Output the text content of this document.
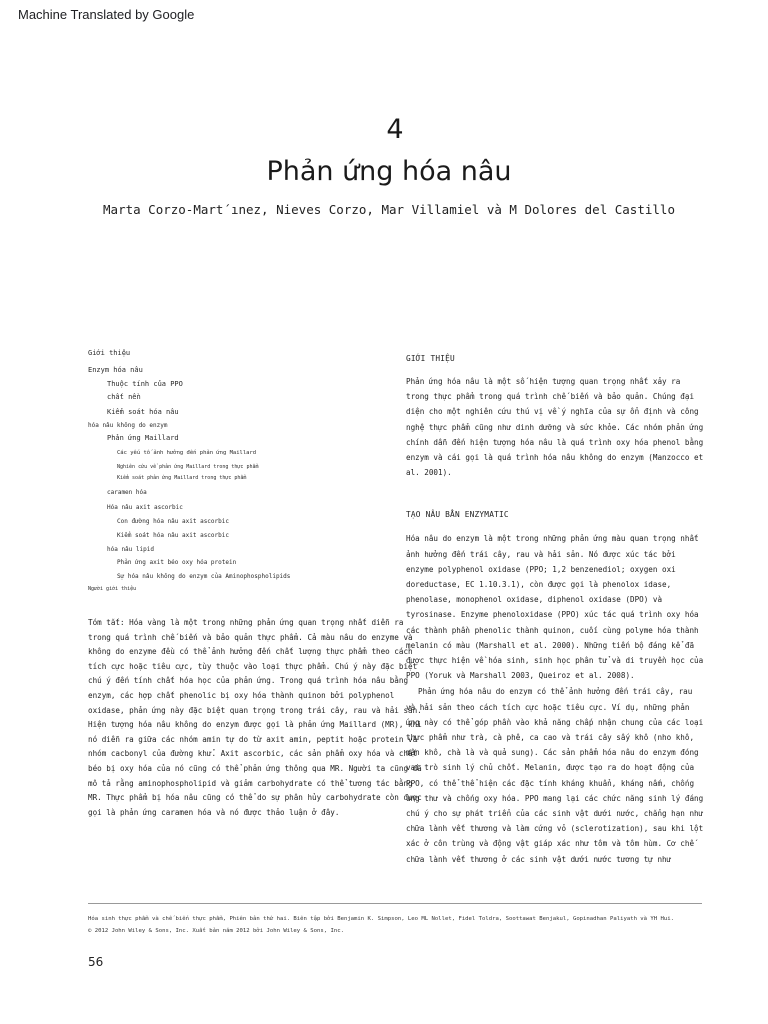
Machine Translated by Google
4
Phản ứng hóa nâu
Marta Corzo-Mart´ınez, Nieves Corzo, Mar Villamiel và M Dolores del Castillo
Giới thiệu
Enzym hóa nâu
Thuộc tính của PPO
chất nền
Kiểm soát hóa nâu
hóa nâu không do enzym
Phản ứng Maillard
Các yếu tố ảnh hưởng đến phản ứng Maillard
Nghiên cứu về phản ứng Maillard trong thực phẩm
Kiểm soát phản ứng Maillard trong thực phẩm
caramen hóa
Hóa nâu axit ascorbic
Con đường hóa nâu axit ascorbic
Kiểm soát hóa nâu axit ascorbic
hóa nâu lipid
Phản ứng axit béo oxy hóa protein
Sự hóa nâu không do enzym của Aminophospholipids
Người giới thiệu
Tóm tắt: Hóa vàng là một trong những phản ứng quan trọng nhất diễn ra trong quá trình chế biến và bảo quản thực phẩm. Cả màu nâu do enzyme và không do enzyme đều có thể ảnh hưởng đến chất lượng thực phẩm theo cách tích cực hoặc tiêu cực, tùy thuộc vào loại thực phẩm. Chú ý này đặc biệt chú ý đến tính chất hóa học của phản ứng. Trong quá trình hóa nâu bằng enzym, các hợp chất phenolic bị oxy hóa thành quinon bởi polyphenol oxidase, phản ứng này đặc biệt quan trọng trong trái cây, rau và hải sản. Hiện tượng hóa nâu không do enzym được gọi là phản ứng Maillard (MR), khi nó diễn ra giữa các nhóm amin tự do từ axit amin, peptit hoặc protein và nhóm cacbonyl của đường khử. Axit ascorbic, các sản phẩm oxy hóa và chất béo bị oxy hóa của nó cũng có thể phản ứng thông qua MR. Người ta cũng đã mô tả rằng aminophospholipid và giảm carbohydrate có thể tương tác bằng MR. Thực phẩm bị hóa nâu cũng có thể do sự phân hủy carbohydrate còn được gọi là phản ứng caramen hóa và nó được thảo luận ở đây.
GIỚI THIỆU

Phản ứng hóa nâu là một số hiện tượng quan trọng nhất xảy ra trong thực phẩm trong quá trình chế biến và bảo quản. Chúng đại diện cho một nghiên cứu thú vị về ý nghĩa của sự ổn định và công nghệ thực phẩm cũng như dinh dưỡng và sức khỏe. Các nhóm phản ứng chính dẫn đến hiện tượng hóa nâu là quá trình oxy hóa phenol bằng enzym và cái gọi là quá trình hóa nâu không do enzym (Manzocco et al. 2001).

TẠO NÂU BẰN ENZYMATIC

Hóa nâu do enzym là một trong những phản ứng màu quan trọng nhất ảnh hưởng đến trái cây, rau và hải sản. Nó được xúc tác bởi enzyme polyphenol oxidase (PPO; 1,2 benzenediol; oxygen oxi doreductase, EC 1.10.3.1), còn được gọi là phenolox idase, phenolase, monophenol oxidase, diphenol oxidase (DPO) và tyrosinase. Enzyme phenoloxidase (PPO) xúc tác quá trình oxy hóa các thành phần phenolic thành quinon, cuối cùng polyme hóa thành melanin có màu (Marshall et al. 2000). Những tiến bộ đáng kể đã được thực hiện về hóa sinh, sinh học phân tử và di truyền học của PPO (Yoruk và Marshall 2003, Queiroz et al. 2008).

Phản ứng hóa nâu do enzym có thể ảnh hưởng đến trái cây, rau và hải sản theo cách tích cực hoặc tiêu cực. Ví dụ, những phản ứng này có thể góp phần vào khả năng chấp nhận chung của các loại thực phẩm như trà, cà phê, ca cao và trái cây sấy khô (nho khô, mận khô, chà là và quả sung). Các sản phẩm hóa nâu do enzym đóng vai trò sinh lý chủ chốt. Melanin, được tạo ra do hoạt động của PPO, có thể thể hiện các đặc tính kháng khuẩn, kháng nấm, chống ung thư và chống oxy hóa. PPO mang lại các chức năng sinh lý đáng chú ý cho sự phát triển của các sinh vật dưới nước, chẳng hạn như chữa lành vết thương và làm cứng vỏ (sclerotization), sau khi lột xác ở côn trùng và động vật giáp xác như tôm và tôm hùm. Cơ chế chữa lành vết thương ở các sinh vật dưới nước tương tự như

Hóa sinh thực phẩm và chế biến thực phẩm, Phiên bản thứ hai. Biên tập bởi Benjamin K. Simpson, Leo ML Nollet, Fidel Toldra, Soottawat Benjakul, Gopinadhan Paliyath và YH Hui.
© 2012 John Wiley & Sons, Inc. Xuất bản năm 2012 bởi John Wiley & Sons, Inc.
56
